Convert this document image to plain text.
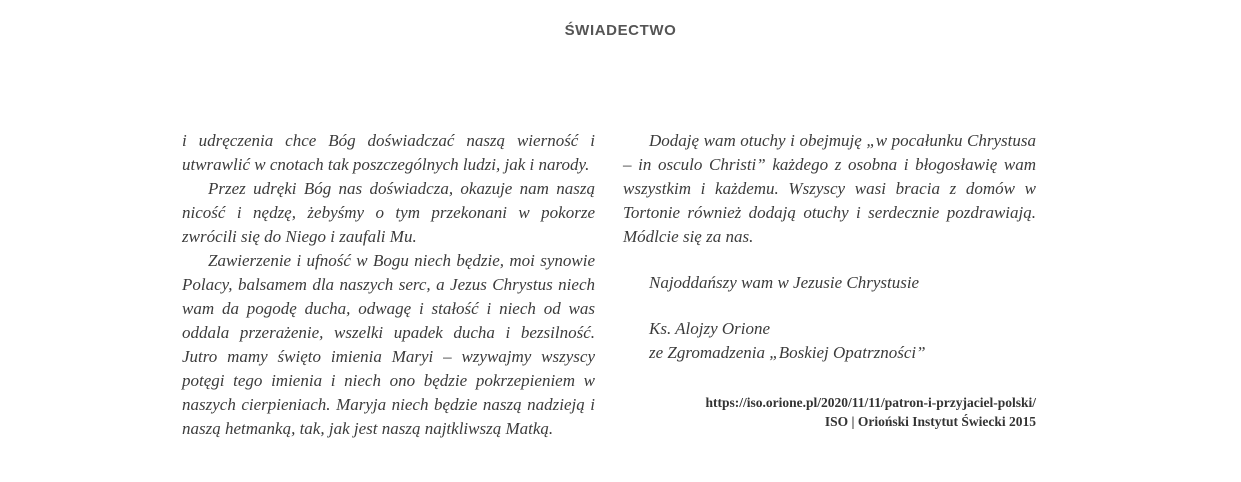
ŚWIADECTWO

i udręczenia chce Bóg doświadczać naszą wierność i utwrawlić w cnotach tak poszczególnych ludzi, jak i narody.

Przez udręki Bóg nas doświadcza, okazuje nam naszą nicość i nędzę, żebyśmy o tym przekonani w pokorze zwrócili się do Niego i zaufali Mu.

Zawierzenie i ufność w Bogu niech będzie, moi synowie Polacy, balsamem dla naszych serc, a Jezus Chrystus niech wam da pogodę ducha, odwagę i stałość i niech od was oddala przerażenie, wszelki upadek ducha i bezsilność. Jutro mamy święto imienia Maryi – wzywajmy wszyscy potęgi tego imienia i niech ono będzie pokrzepieniem w naszych cierpieniach. Maryja niech będzie naszą nadzieją i naszą hetmanką, tak, jak jest naszą najtkliwszą Matką.

Dodaję wam otuchy i obejmuję „w pocałunku Chrystusa – in osculo Christi” każdego z osobna i błogosławię wam wszystkim i każdemu. Wszyscy wasi bracia z domów w Tortonie również dodają otuchy i serdecznie pozdrawiają. Módlcie się za nas.

Najoddańszy wam w Jezusie Chrystusie

Ks. Alojzy Orione

ze Zgromadzenia „Boskiej Opatrzności”

https://iso.orione.pl/2020/11/11/patron-i-przyjaciel-polski/
ISO | Orioński Instytut Świecki 2015
